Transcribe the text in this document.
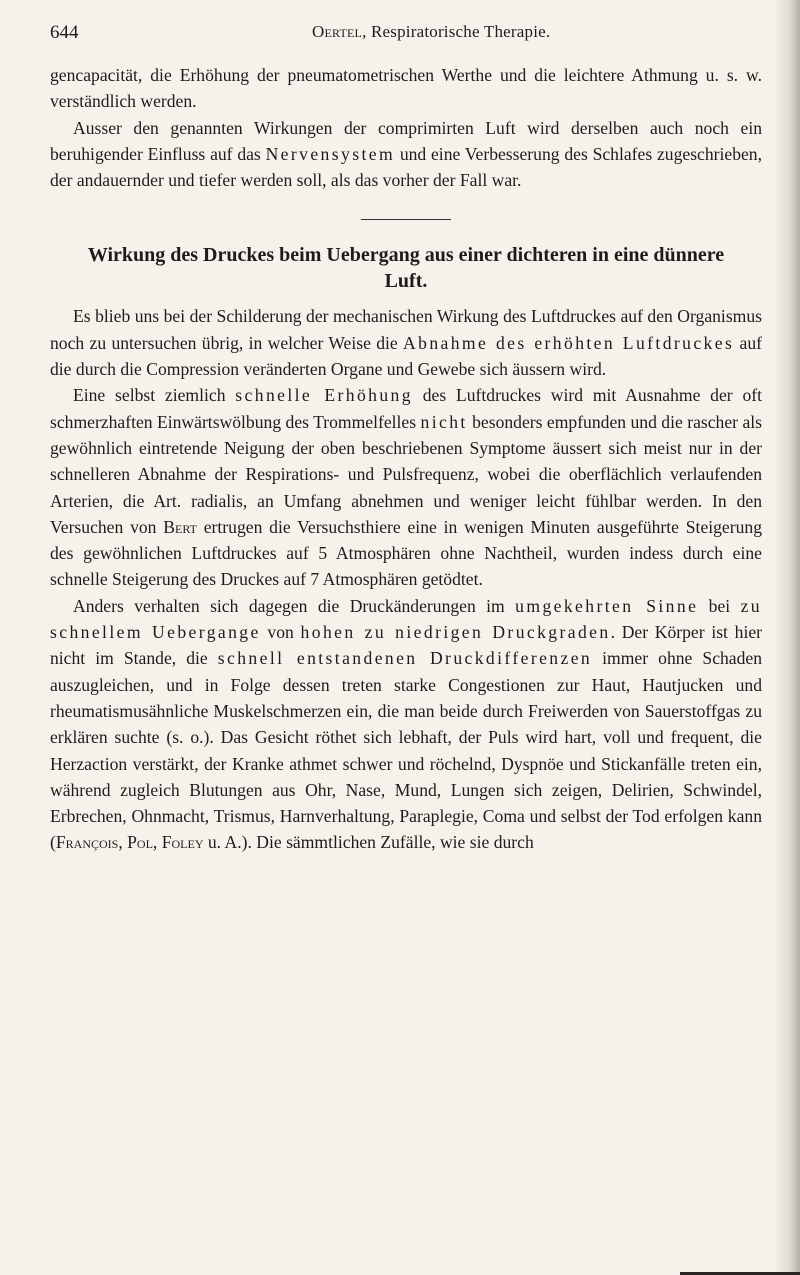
644	Oertel, Respiratorische Therapie.

gencapacität, die Erhöhung der pneumatometrischen Werthe und die leichtere Athmung u. s. w. verständlich werden.

Ausser den genannten Wirkungen der comprimirten Luft wird derselben auch noch ein beruhigender Einfluss auf das Nervensystem und eine Verbesserung des Schlafes zugeschrieben, der andauernder und tiefer werden soll, als das vorher der Fall war.

Wirkung des Druckes beim Uebergang aus einer dichteren in eine dünnere Luft.

Es blieb uns bei der Schilderung der mechanischen Wirkung des Luftdruckes auf den Organismus noch zu untersuchen übrig, in welcher Weise die Abnahme des erhöhten Luftdruckes auf die durch die Compression veränderten Organe und Gewebe sich äussern wird.

Eine selbst ziemlich schnelle Erhöhung des Luftdruckes wird mit Ausnahme der oft schmerzhaften Einwärtswölbung des Trommelfelles nicht besonders empfunden und die rascher als gewöhnlich eintretende Neigung der oben beschriebenen Symptome äussert sich meist nur in der schnelleren Abnahme der Respirations- und Pulsfrequenz, wobei die oberflächlich verlaufenden Arterien, die Art. radialis, an Umfang abnehmen und weniger leicht fühlbar werden. In den Versuchen von Bert ertrugen die Versuchsthiere eine in wenigen Minuten ausgeführte Steigerung des gewöhnlichen Luftdruckes auf 5 Atmosphären ohne Nachtheil, wurden indess durch eine schnelle Steigerung des Druckes auf 7 Atmosphären getödtet.

Anders verhalten sich dagegen die Druckänderungen im umgekehrten Sinne bei zu schnellem Uebergange von hohen zu niedrigen Druckgraden. Der Körper ist hier nicht im Stande, die schnell entstandenen Druckdifferenzen immer ohne Schaden auszugleichen, und in Folge dessen treten starke Congestionen zur Haut, Hautjucken und rheumatismusähnliche Muskelschmerzen ein, die man beide durch Freiwerden von Sauerstoffgas zu erklären suchte (s. o.). Das Gesicht röthet sich lebhaft, der Puls wird hart, voll und frequent, die Herzaction verstärkt, der Kranke athmet schwer und röchelnd, Dyspnöe und Stickanfälle treten ein, während zugleich Blutungen aus Ohr, Nase, Mund, Lungen sich zeigen, Delirien, Schwindel, Erbrechen, Ohnmacht, Trismus, Harnverhaltung, Paraplegie, Coma und selbst der Tod erfolgen kann (François, Pol, Foley u. A.). Die sämmtlichen Zufälle, wie sie durch
